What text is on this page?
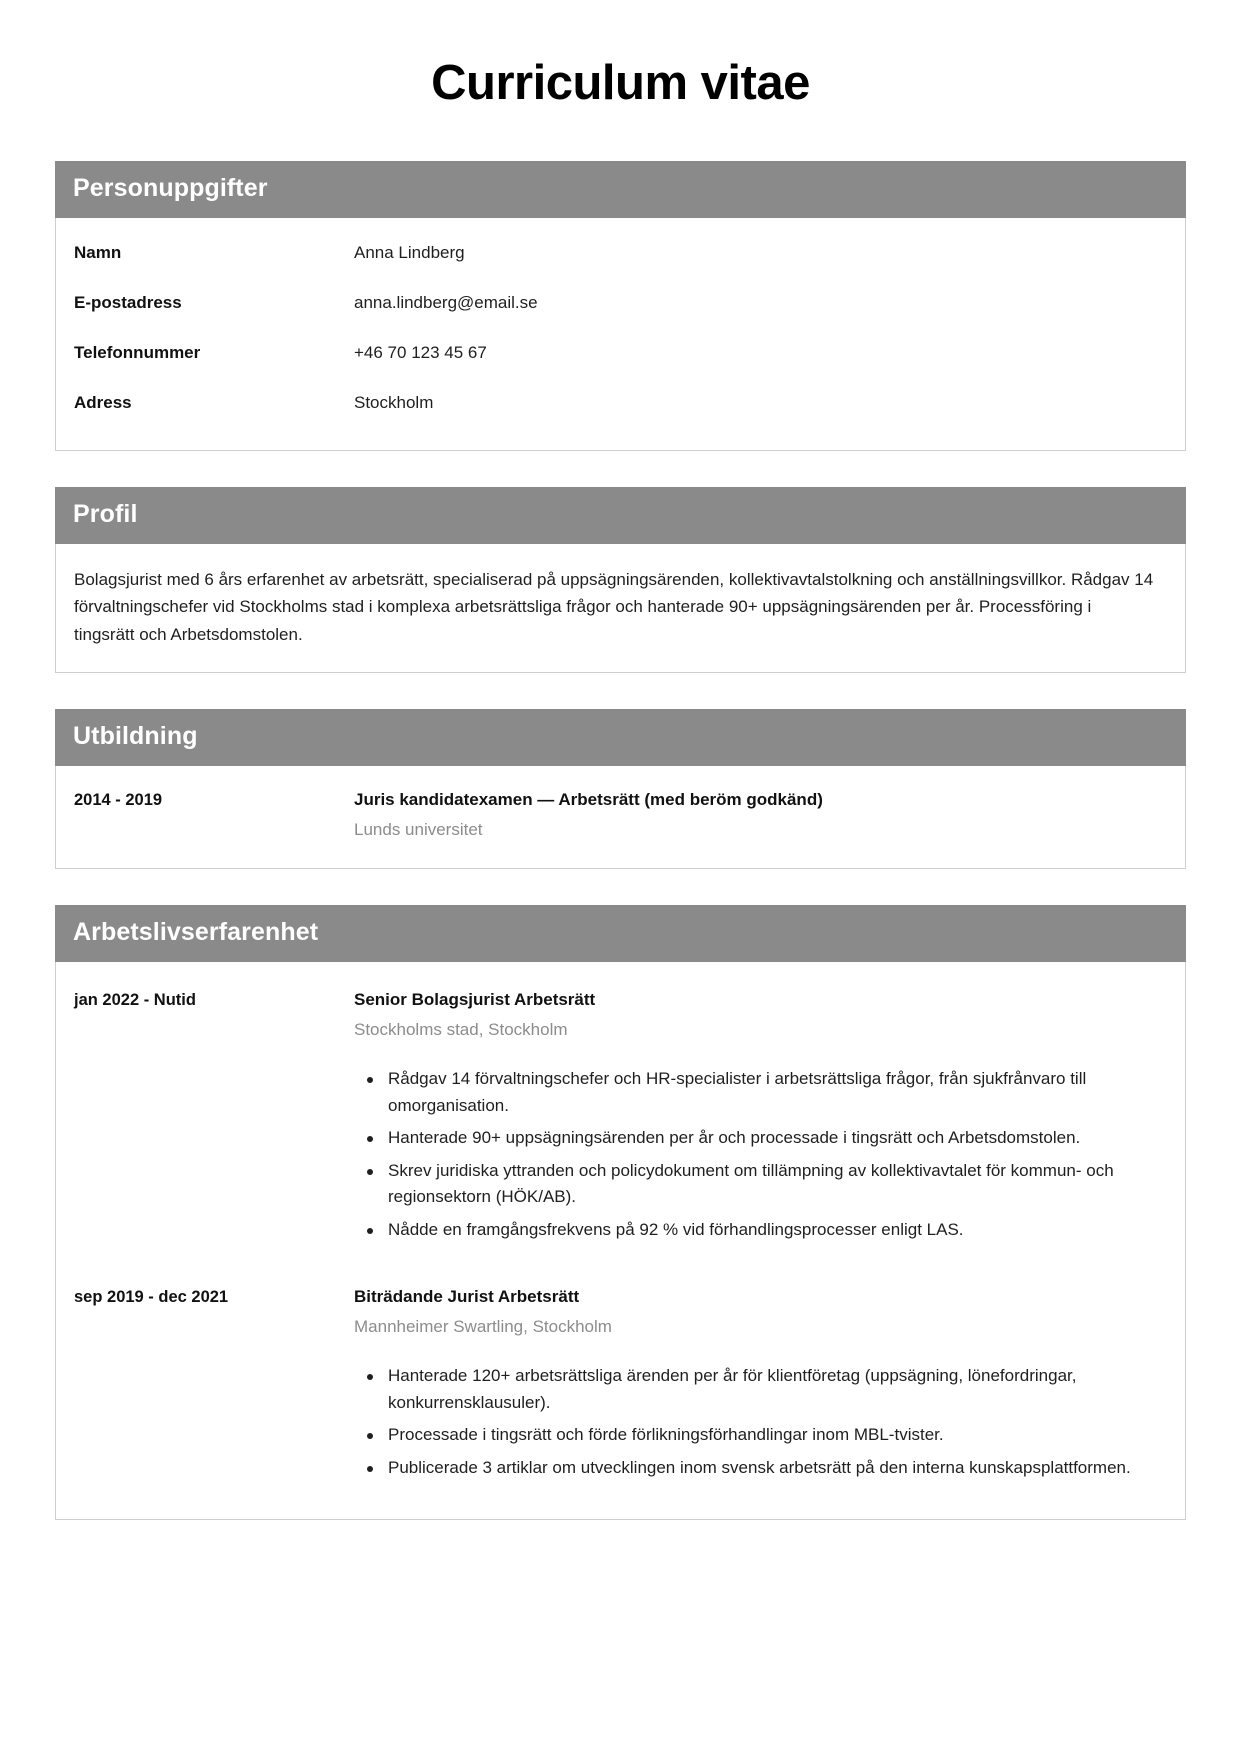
Curriculum vitae
Personuppgifter
Namn	Anna Lindberg
E-postadress	anna.lindberg@email.se
Telefonnummer	+46 70 123 45 67
Adress	Stockholm
Profil

Bolagsjurist med 6 års erfarenhet av arbetsrätt, specialiserad på uppsägningsärenden, kollektivavtalstolkning och anställningsvillkor. Rådgav 14 förvaltningschefer vid Stockholms stad i komplexa arbetsrättsliga frågor och hanterade 90+ uppsägningsärenden per år. Processföring i tingsrätt och Arbetsdomstolen.

Utbildning
2014 - 2019	Juris kandidatexamen — Arbetsrätt (med beröm godkänd)
Lunds universitet
Arbetslivserfarenhet
jan 2022 - Nutid	Senior Bolagsjurist Arbetsrätt
Stockholms stad, Stockholm
Rådgav 14 förvaltningschefer och HR-specialister i arbetsrättsliga frågor, från sjukfrånvaro till omorganisation.
Hanterade 90+ uppsägningsärenden per år och processade i tingsrätt och Arbetsdomstolen.
Skrev juridiska yttranden och policydokument om tillämpning av kollektivavtalet för kommun- och regionsektorn (HÖK/AB).
Nådde en framgångsfrekvens på 92 % vid förhandlingsprocesser enligt LAS.
sep 2019 - dec 2021	Biträdande Jurist Arbetsrätt
Mannheimer Swartling, Stockholm
Hanterade 120+ arbetsrättsliga ärenden per år för klientföretag (uppsägning, lönefordringar, konkurrensklausuler).
Processade i tingsrätt och förde förlikningsförhandlingar inom MBL-tvister.
Publicerade 3 artiklar om utvecklingen inom svensk arbetsrätt på den interna kunskapsplattformen.
